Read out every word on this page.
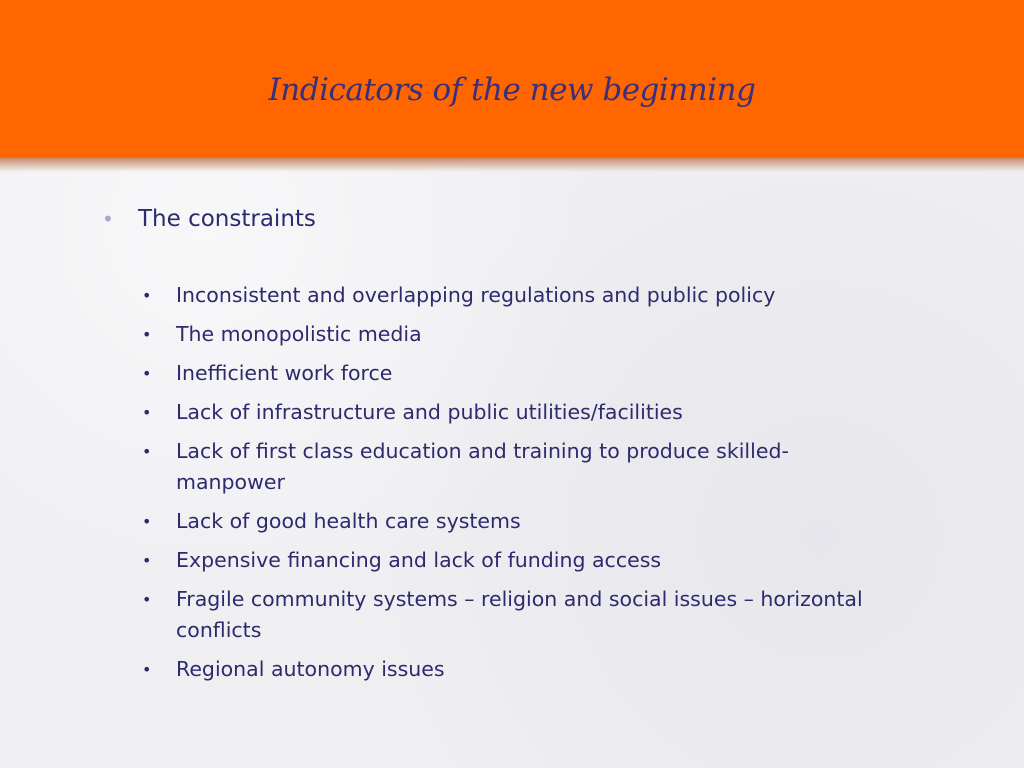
Indicators of the new beginning
• The constraints
• Inconsistent and overlapping regulations and public policy
• The monopolistic media
• Inefficient work force
• Lack of infrastructure and public utilities/facilities
• Lack of first class education and training to produce skilled-manpower
• Lack of good health care systems
• Expensive financing and lack of funding access
• Fragile community systems – religion and social issues – horizontal conflicts
• Regional autonomy issues
